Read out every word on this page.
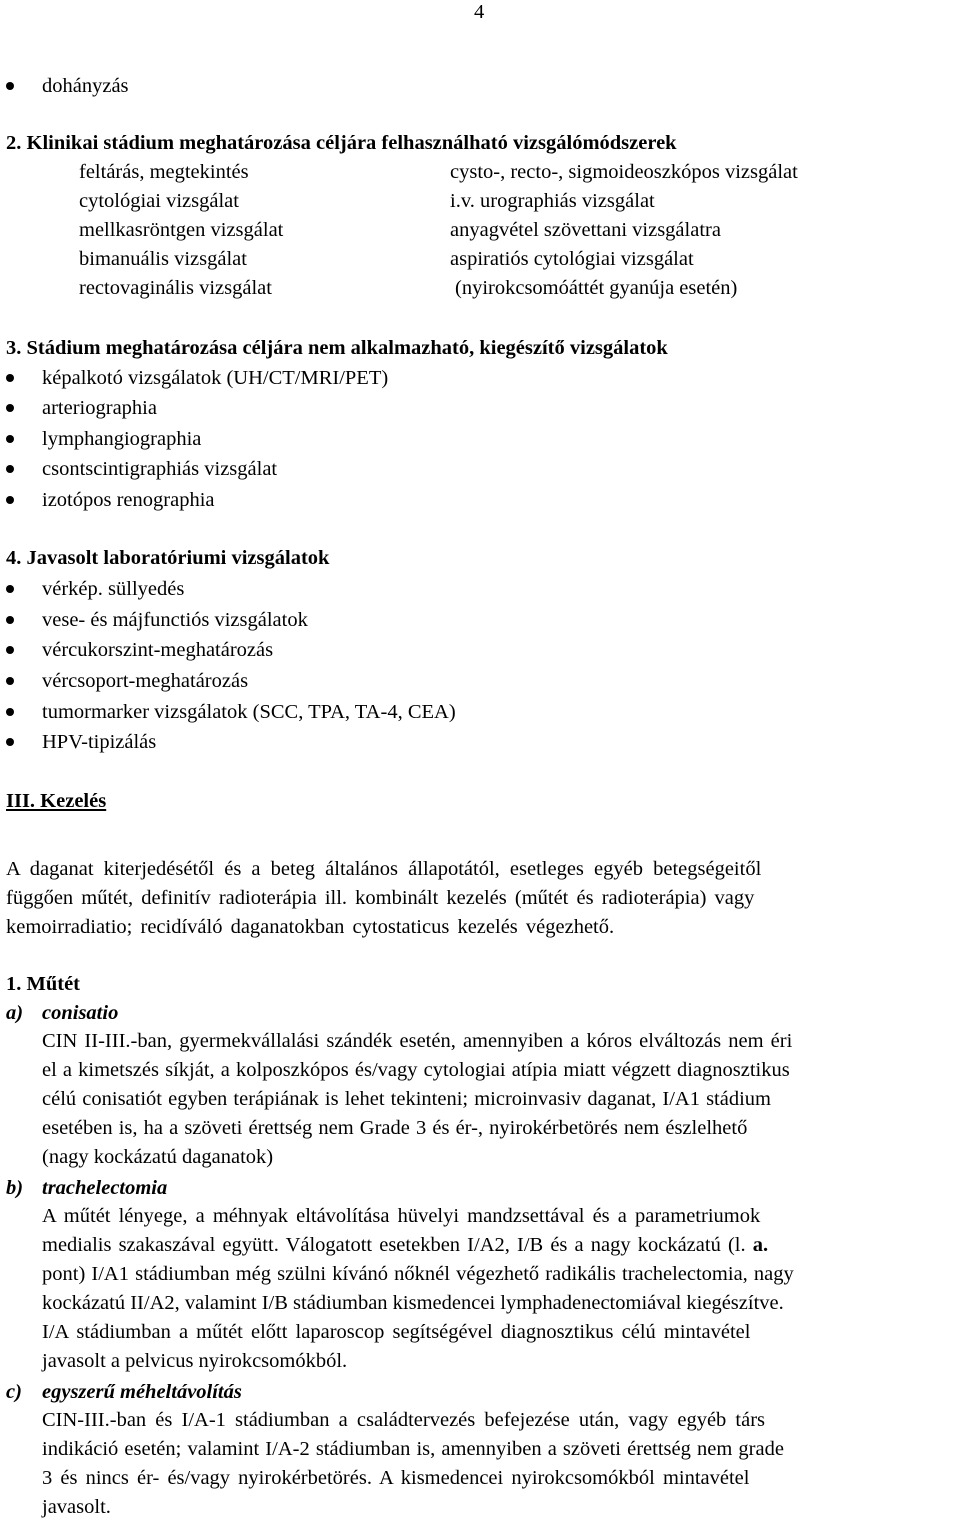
4
dohányzás
2. Klinikai stádium meghatározása céljára felhasználható vizsgálómódszerek
feltárás, megtekintés
cytológiai vizsgálat
mellkasröntgen vizsgálat
bimanuális vizsgálat
rectovaginális vizsgálat
cysto-, recto-, sigmoideoszkópos vizsgálat
i.v. urographiás vizsgálat
anyagvétel szövettani vizsgálatra
aspiratiós cytológiai vizsgálat
(nyirokcsomóáttét gyanúja esetén)
3. Stádium meghatározása céljára nem alkalmazható, kiegészítő vizsgálatok
képalkotó vizsgálatok (UH/CT/MRI/PET)
arteriographia
lymphangiographia
csontscintigraphiás vizsgálat
izotópos renographia
4. Javasolt laboratóriumi vizsgálatok
vérkép. süllyedés
vese- és májfunctiós vizsgálatok
vércukorszint-meghatározás
vércsoport-meghatározás
tumormarker vizsgálatok (SCC, TPA, TA-4, CEA)
HPV-tipizálás
III. Kezelés
A daganat kiterjedésétől és a beteg általános állapotától, esetleges egyéb betegségeitől
függően műtét, definitív radioterápia ill. kombinált kezelés (műtét és radioterápia) vagy
kemoirradiatio; recidíváló daganatokban cytostaticus kezelés végezhető.
1. Műtét
a) conisatio
CIN II-III.-ban, gyermekvállalási szándék esetén, amennyiben a kóros elváltozás nem éri
el a kimetszés síkját, a kolposzkópos és/vagy cytologiai atípia miatt végzett diagnosztikus
célú conisatiót egyben terápiának is lehet tekinteni; microinvasiv daganat, I/A1 stádium
esetében is, ha a szöveti érettség nem Grade 3 és ér-, nyirokérbetörés nem észlelhető
(nagy kockázatú daganatok)
b) trachelectomia
A műtét lényege, a méhnyak eltávolítása hüvelyi mandzsettával és a parametriumok
medialis szakaszával együtt. Válogatott esetekben I/A2, I/B és a nagy kockázatú (l. a.
pont) I/A1 stádiumban még szülni kívánó nőknél végezhető radikális trachelectomia, nagy
kockázatú II/A2, valamint I/B stádiumban kismedencei lymphadenectomiával kiegészítve.
I/A stádiumban a műtét előtt laparoscop segítségével diagnosztikus célú mintavétel
javasolt a pelvicus nyirokcsomókból.
c) egyszerű méheltávolítás
CIN-III.-ban és I/A-1 stádiumban a családtervezés befejezése után, vagy egyéb társ
indikáció esetén; valamint I/A-2 stádiumban is, amennyiben a szöveti érettség nem grade
3 és nincs ér- és/vagy nyirokérbetörés. A kismedencei nyirokcsomókból mintavétel
javasolt.
